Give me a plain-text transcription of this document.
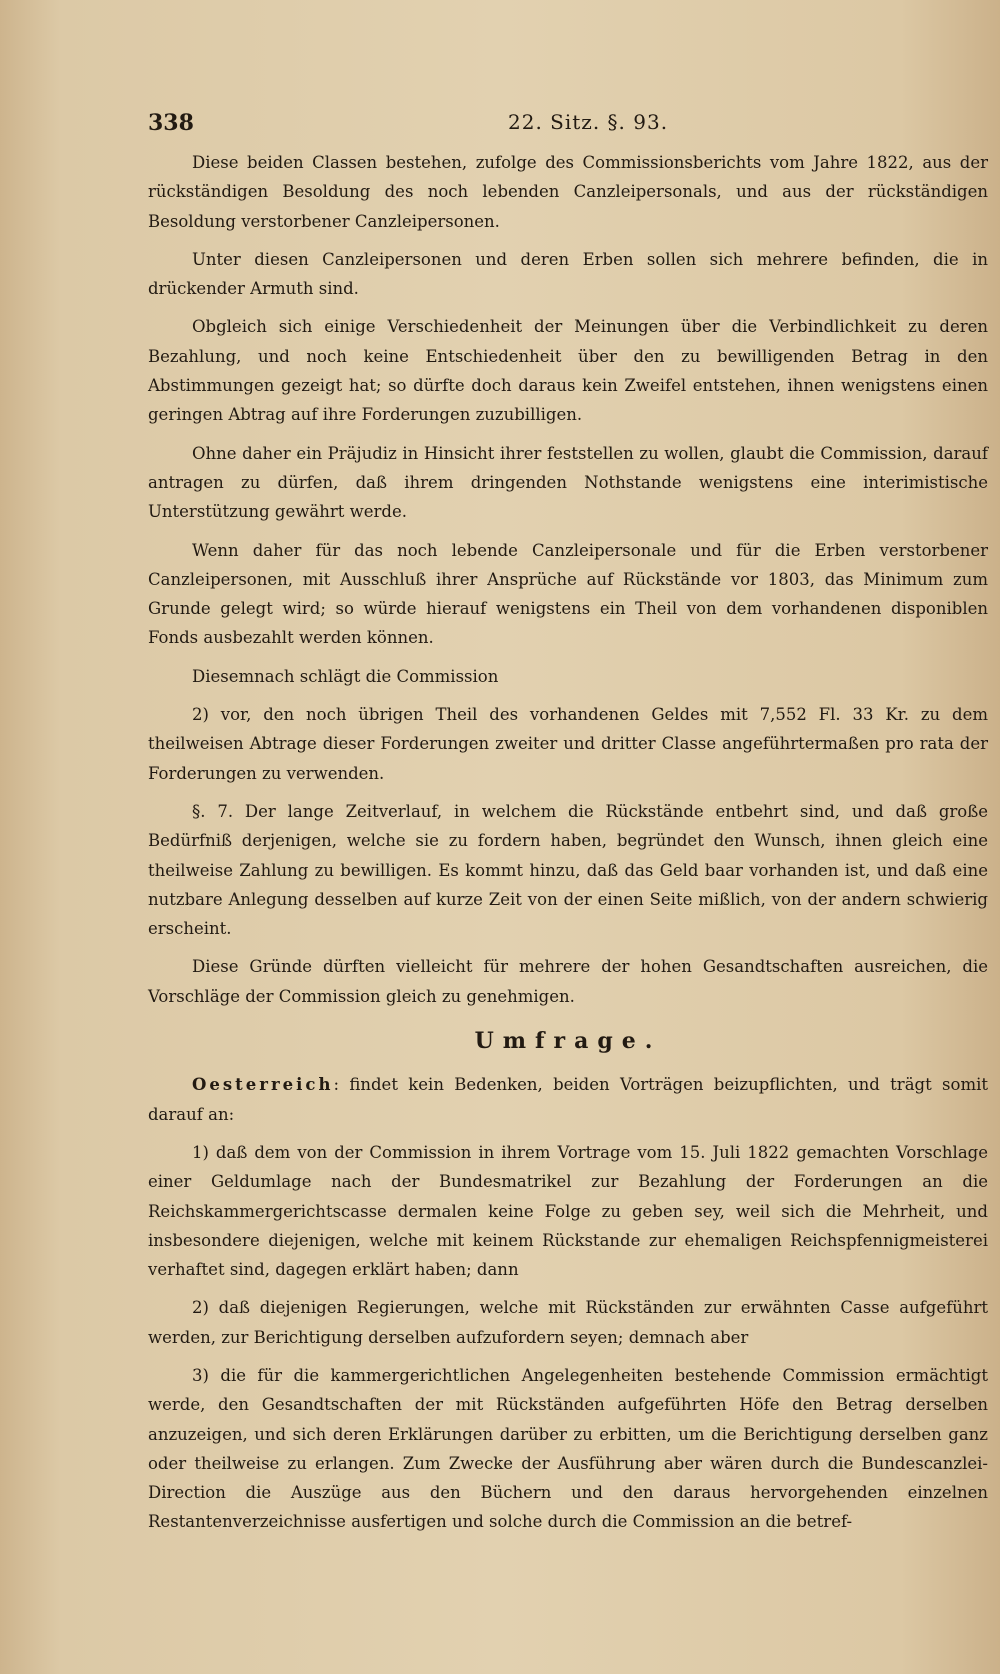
338	22. Sitz. §. 93.

Diese beiden Classen bestehen, zufolge des Commissionsberichts vom Jahre 1822, aus der rückständigen Besoldung des noch lebenden Canzleipersonals, und aus der rückständigen Besoldung verstorbener Canzleipersonen.

Unter diesen Canzleipersonen und deren Erben sollen sich mehrere befinden, die in drückender Armuth sind.

Obgleich sich einige Verschiedenheit der Meinungen über die Verbindlichkeit zu deren Bezahlung, und noch keine Entschiedenheit über den zu bewilligenden Betrag in den Abstimmungen gezeigt hat; so dürfte doch daraus kein Zweifel entstehen, ihnen wenigstens einen geringen Abtrag auf ihre Forderungen zuzubilligen.

Ohne daher ein Präjudiz in Hinsicht ihrer feststellen zu wollen, glaubt die Commission, darauf antragen zu dürfen, daß ihrem dringenden Nothstande wenigstens eine interimistische Unterstützung gewährt werde.

Wenn daher für das noch lebende Canzleipersonale und für die Erben verstorbener Canzleipersonen, mit Ausschluß ihrer Ansprüche auf Rückstände vor 1803, das Minimum zum Grunde gelegt wird; so würde hierauf wenigstens ein Theil von dem vorhandenen disponiblen Fonds ausbezahlt werden können.

Diesemnach schlägt die Commission

2) vor, den noch übrigen Theil des vorhandenen Geldes mit 7,552 Fl. 33 Kr. zu dem theilweisen Abtrage dieser Forderungen zweiter und dritter Classe angeführtermaßen pro rata der Forderungen zu verwenden.

§. 7. Der lange Zeitverlauf, in welchem die Rückstände entbehrt sind, und daß große Bedürfniß derjenigen, welche sie zu fordern haben, begründet den Wunsch, ihnen gleich eine theilweise Zahlung zu bewilligen. Es kommt hinzu, daß das Geld baar vorhanden ist, und daß eine nutzbare Anlegung desselben auf kurze Zeit von der einen Seite mißlich, von der andern schwierig erscheint.

Diese Gründe dürften vielleicht für mehrere der hohen Gesandtschaften ausreichen, die Vorschläge der Commission gleich zu genehmigen.

Umfrage.

Oesterreich: findet kein Bedenken, beiden Vorträgen beizupflichten, und trägt somit darauf an:

1) daß dem von der Commission in ihrem Vortrage vom 15. Juli 1822 gemachten Vorschlage einer Geldumlage nach der Bundesmatrikel zur Bezahlung der Forderungen an die Reichskammergerichtscasse dermalen keine Folge zu geben sey, weil sich die Mehrheit, und insbesondere diejenigen, welche mit keinem Rückstande zur ehemaligen Reichspfennigmeisterei verhaftet sind, dagegen erklärt haben; dann

2) daß diejenigen Regierungen, welche mit Rückständen zur erwähnten Casse aufgeführt werden, zur Berichtigung derselben aufzufordern seyen; demnach aber

3) die für die kammergerichtlichen Angelegenheiten bestehende Commission ermächtigt werde, den Gesandtschaften der mit Rückständen aufgeführten Höfe den Betrag derselben anzuzeigen, und sich deren Erklärungen darüber zu erbitten, um die Berichtigung derselben ganz oder theilweise zu erlangen. Zum Zwecke der Ausführung aber wären durch die Bundescanzlei-Direction die Auszüge aus den Büchern und den daraus hervorgehenden einzelnen Restantenverzeichnisse ausfertigen und solche durch die Commission an die betref-
